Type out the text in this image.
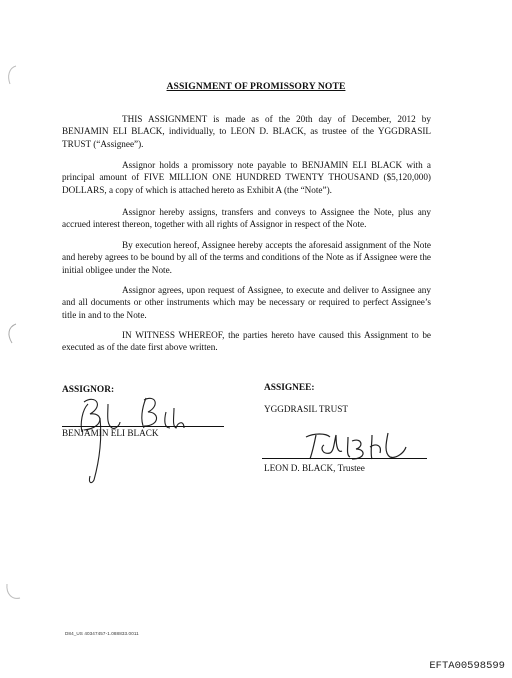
ASSIGNMENT OF PROMISSORY NOTE

THIS ASSIGNMENT is made as of the 20th day of December, 2012 by BENJAMIN ELI BLACK, individually, to LEON D. BLACK, as trustee of the YGGDRASIL TRUST (“Assignee”).

Assignor holds a promissory note payable to BENJAMIN ELI BLACK with a principal amount of FIVE MILLION ONE HUNDRED TWENTY THOUSAND ($5,120,000) DOLLARS, a copy of which is attached hereto as Exhibit A (the “Note”).

Assignor hereby assigns, transfers and conveys to Assignee the Note, plus any accrued interest thereon, together with all rights of Assignor in respect of the Note.

By execution hereof, Assignee hereby accepts the aforesaid assignment of the Note and hereby agrees to be bound by all of the terms and conditions of the Note as if Assignee were the initial obligee under the Note.

Assignor agrees, upon request of Assignee, to execute and deliver to Assignee any and all documents or other instruments which may be necessary or required to perfect Assignee’s title in and to the Note.

IN WITNESS WHEREOF, the parties hereto have caused this Assignment to be executed as of the date first above written.

ASSIGNOR:
BENJAMIN ELI BLACK
ASSIGNEE:
YGGDRASIL TRUST
LEON D. BLACK, Trustee
D84_US 40347457-1.088833.0011
EFTA00598599
